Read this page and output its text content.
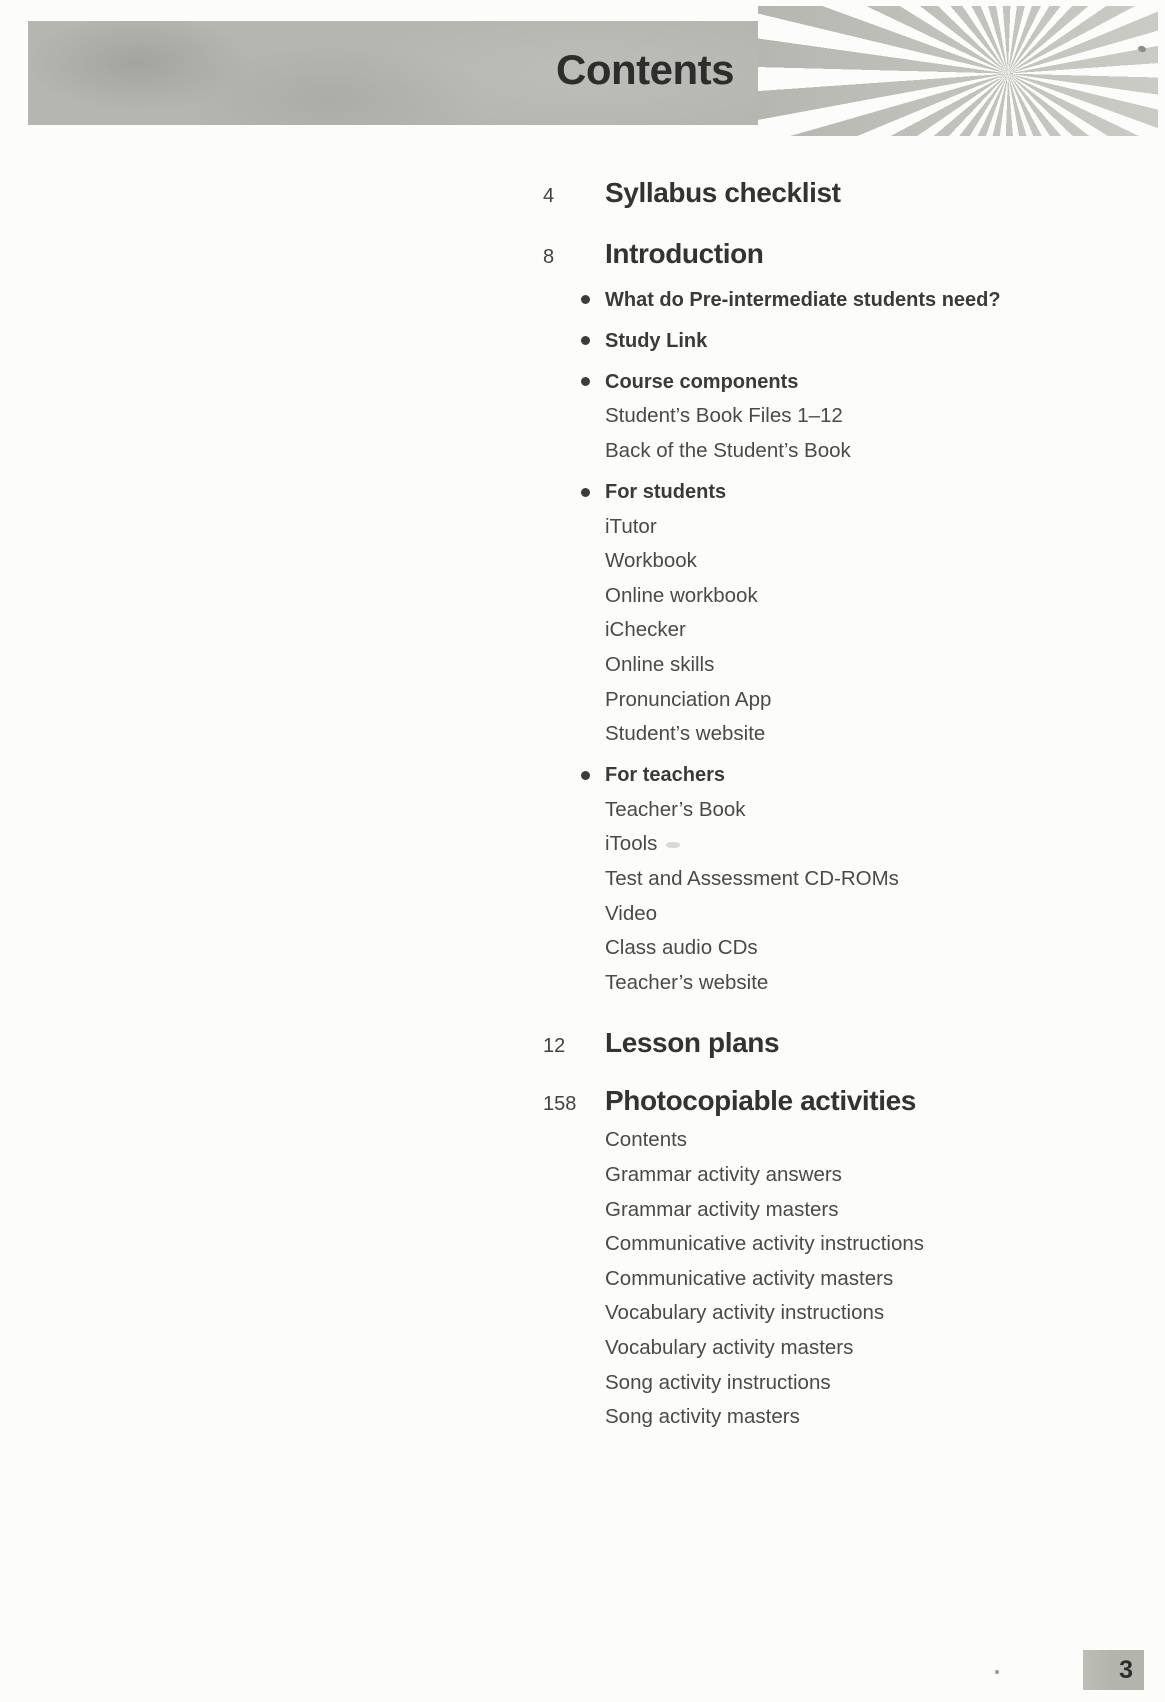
Contents
4	Syllabus checklist
8	Introduction
What do Pre-intermediate students need?
Study Link
Course components
Student’s Book Files 1–12
Back of the Student’s Book
For students
iTutor
Workbook
Online workbook
iChecker
Online skills
Pronunciation App
Student’s website
For teachers
Teacher’s Book
iTools
Test and Assessment CD-ROMs
Video
Class audio CDs
Teacher’s website
12	Lesson plans
158	Photocopiable activities
Contents
Grammar activity answers
Grammar activity masters
Communicative activity instructions
Communicative activity masters
Vocabulary activity instructions
Vocabulary activity masters
Song activity instructions
Song activity masters
3
